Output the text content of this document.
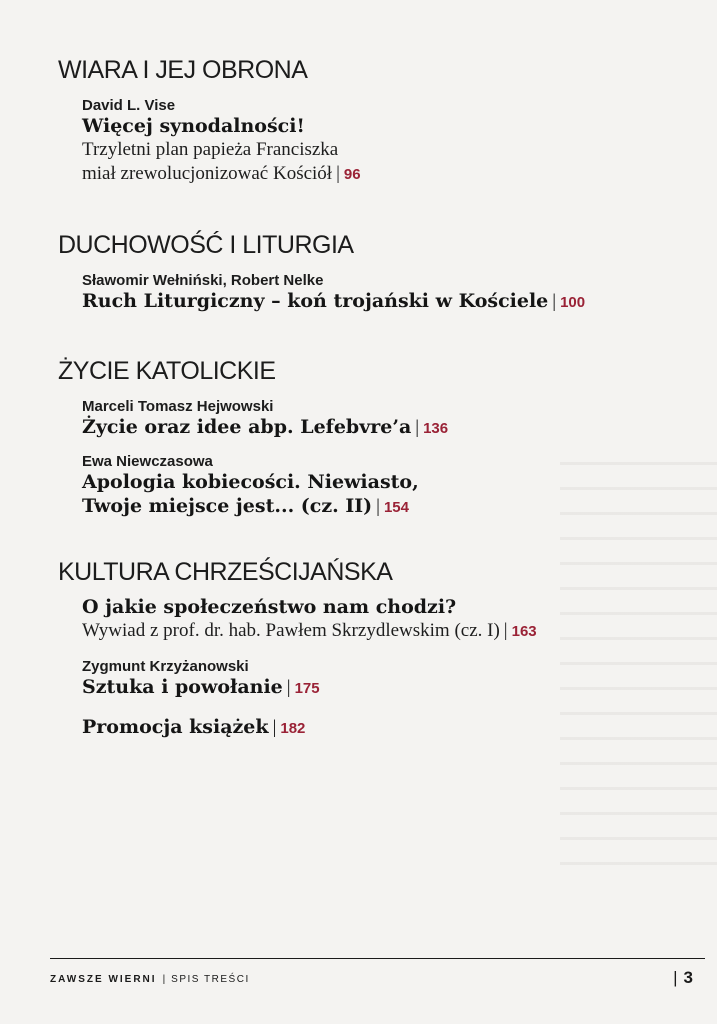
WIARA I JEJ OBRONA

David L. Vise

Więcej synodalności!

Trzyletni plan papieża Franciszka

miał zrewolucjonizować Kościół | 96

DUCHOWOŚĆ I LITURGIA

Sławomir Wełniński, Robert Nelke

Ruch Liturgiczny – koń trojański w Kościele | 100

ŻYCIE KATOLICKIE

Marceli Tomasz Hejwowski

Życie oraz idee abp. Lefebvre’a | 136

Ewa Niewczasowa

Apologia kobiecości. Niewiasto,

Twoje miejsce jest... (cz. II) | 154

KULTURA CHRZEŚCIJAŃSKA

O jakie społeczeństwo nam chodzi?

Wywiad z prof. dr. hab. Pawłem Skrzydlewskim (cz. I) | 163

Zygmunt Krzyżanowski

Sztuka i powołanie | 175

Promocja książek | 182

ZAWSZE WIERNI | SPIS TREŚCI	| 3
